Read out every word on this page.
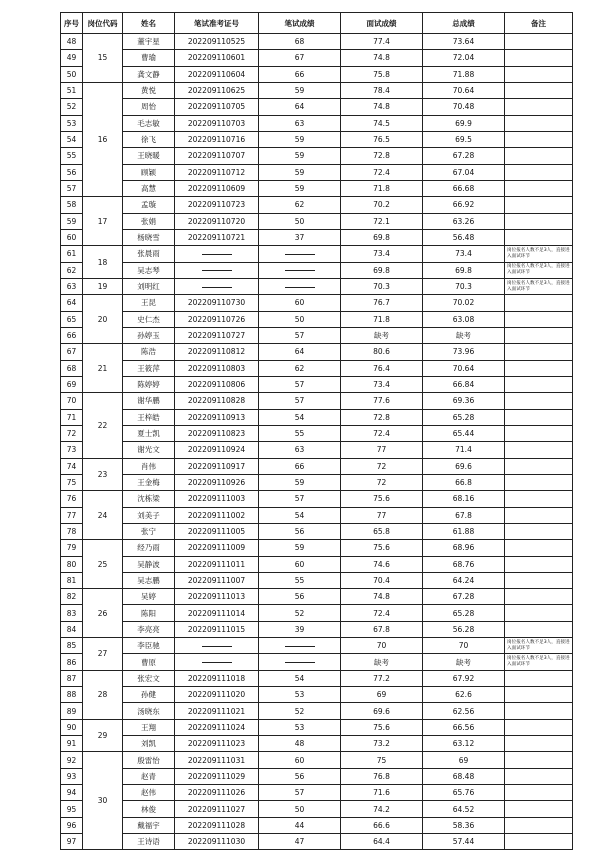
序号	岗位代码	姓名	笔试准考证号	笔试成绩	面试成绩	总成绩	备注
48	15	董宇星	202209110525	68	77.4	73.64	
49		曹瑜	202209110601	67	74.8	72.04	
50		龚文静	202209110604	66	75.8	71.88	
51	16	黄悦	202209110625	59	78.4	70.64	
52		周怡	202209110705	64	74.8	70.48	
53		毛志敏	202209110703	63	74.5	69.9	
54		徐飞	202209110716	59	76.5	69.5	
55		王晓暖	202209110707	59	72.8	67.28	
56		顾颖	202209110712	59	72.4	67.04	
57		高慧	202209110609	59	71.8	66.68	
58	17	孟璇	202209110723	62	70.2	66.92	
59		张娟	202209110720	50	72.1	63.26	
60		杨晓雪	202209110721	37	69.8	56.48	
61	18	张晨雨			73.4	73.4	岗位报名人数不足3人，直接进入面试环节
62		吴志琴			69.8	69.8	岗位报名人数不足3人，直接进入面试环节
63	19	刘明红			70.3	70.3	岗位报名人数不足3人，直接进入面试环节
64	20	王昆	202209110730	60	76.7	70.02	
65		史仁杰	202209110726	50	71.8	63.08	
66		孙婷玉	202209110727	57	缺考	缺考	
67	21	陈浩	202209110812	64	80.6	73.96	
68		王筱萍	202209110803	62	76.4	70.64	
69		陈婷婷	202209110806	57	73.4	66.84	
70	22	谢华鹏	202209110828	57	77.6	69.36	
71		王梓皓	202209110913	54	72.8	65.28	
72		夏士凯	202209110823	55	72.4	65.44	
73		谢光文	202209110924	63	77	71.4	
74	23	肖伟	202209110917	66	72	69.6	
75		王金梅	202209110926	59	72	66.8	
76	24	沈栋梁	202209111003	57	75.6	68.16	
77		刘美子	202209111002	54	77	67.8	
78		张宁	202209111005	56	65.8	61.88	
79	25	经乃雨	202209111009	59	75.6	68.96	
80		吴静波	202209111011	60	74.6	68.76	
81		吴志鹏	202209111007	55	70.4	64.24	
82	26	吴婷	202209111013	56	74.8	67.28	
83		陈阳	202209111014	52	72.4	65.28	
84		李亮亮	202209111015	39	67.8	56.28	
85	27	李臣驰			70	70	岗位报名人数不足3人，直接进入面试环节
86		曹原			缺考	缺考	岗位报名人数不足3人，直接进入面试环节
87	28	张宏文	202209111018	54	77.2	67.92	
88		孙健	202209111020	53	69	62.6	
89		汤晓东	202209111021	52	69.6	62.56	
90	29	王翔	202209111024	53	75.6	66.56	
91		刘凯	202209111023	48	73.2	63.12	
92	30	殷雷怡	202209111031	60	75	69	
93		赵青	202209111029	56	76.8	68.48	
94		赵伟	202209111026	57	71.6	65.76	
95		林俊	202209111027	50	74.2	64.52	
96		戴福宇	202209111028	44	66.6	58.36	
97		王诗语	202209111030	47	64.4	57.44	
